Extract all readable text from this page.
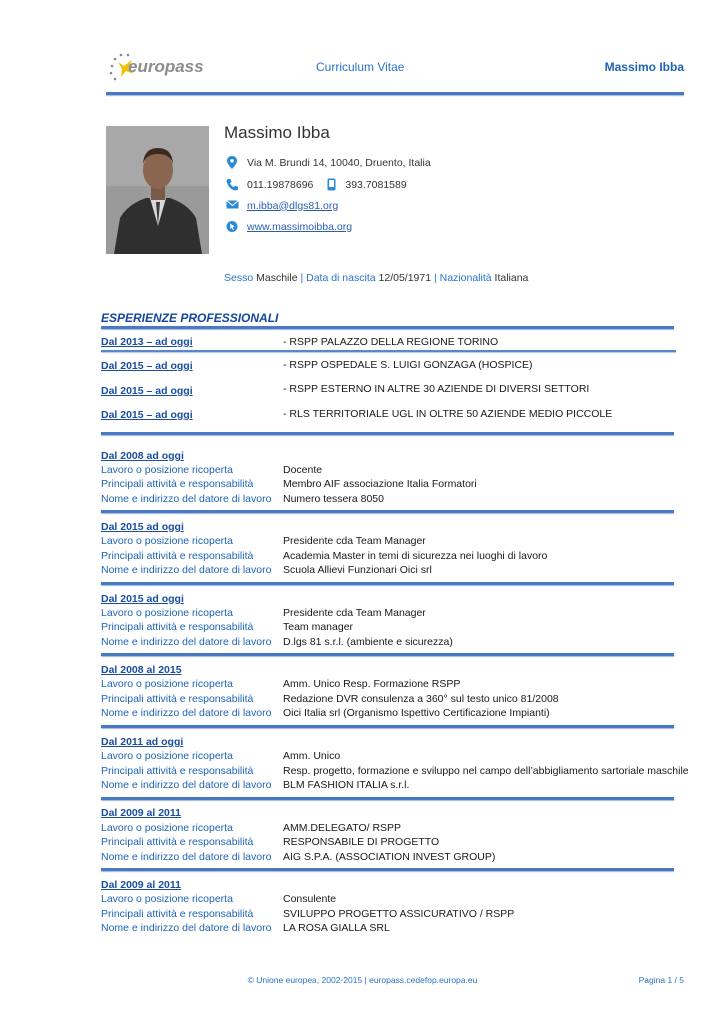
europass	Curriculum Vitae	Massimo Ibba
Massimo Ibba
Via M. Brundi 14, 10040, Druento, Italia
011.19878696	393.7081589
m.ibba@dlgs81.org
www.massimoibba.org
Sesso Maschile | Data di nascita 12/05/1971 | Nazionalità Italiana
ESPERIENZE PROFESSIONALI
Dal 2013 – ad oggi	- RSPP PALAZZO DELLA REGIONE TORINO
Dal 2015 – ad oggi	- RSPP OSPEDALE S. LUIGI GONZAGA (HOSPICE)
Dal 2015 – ad oggi	- RSPP ESTERNO IN ALTRE 30 AZIENDE DI DIVERSI SETTORI
Dal 2015 – ad oggi	- RLS TERRITORIALE UGL IN OLTRE 50 AZIENDE MEDIO PICCOLE
Dal 2008 ad oggi
Lavoro o posizione ricoperta	Docente
Principali attività e responsabilità	Membro AIF associazione Italia Formatori
Nome e indirizzo del datore di lavoro Numero tessera 8050
Dal 2015 ad oggi
Lavoro o posizione ricoperta	Presidente cda Team Manager
Principali attività e responsabilità	Academia Master in temi di sicurezza nei luoghi di lavoro
Nome e indirizzo del datore di lavoro Scuola Allievi Funzionari Oici srl
Dal 2015 ad oggi
Lavoro o posizione ricoperta	Presidente cda Team Manager
Principali attività e responsabilità	Team manager
Nome e indirizzo del datore di lavoro D.lgs 81 s.r.l. (ambiente e sicurezza)
Dal 2008 al 2015
Lavoro o posizione ricoperta	Amm. Unico Resp. Formazione RSPP
Principali attività e responsabilità	Redazione DVR consulenza a 360° sul testo unico 81/2008
Nome e indirizzo del datore di lavoro Oici Italia srl (Organismo Ispettivo Certificazione Impianti)
Dal 2011 ad oggi
Lavoro o posizione ricoperta	Amm. Unico
Principali attività e responsabilità	Resp. progetto, formazione e sviluppo nel campo dell’abbigliamento sartoriale maschile
Nome e indirizzo del datore di lavoro BLM FASHION ITALIA s.r.l.
Dal 2009 al 2011
Lavoro o posizione ricoperta	AMM.DELEGATO/ RSPP
Principali attività e responsabilità	RESPONSABILE DI PROGETTO
Nome e indirizzo del datore di lavoro AIG S.P.A. (ASSOCIATION INVEST GROUP)
Dal 2009 al 2011
Lavoro o posizione ricoperta	Consulente
Principali attività e responsabilità	SVILUPPO PROGETTO ASSICURATIVO / RSPP
Nome e indirizzo del datore di lavoro LA ROSA GIALLA SRL
© Unione europea, 2002-2015 | europass.cedefop.europa.eu	Pagina 1 / 5
